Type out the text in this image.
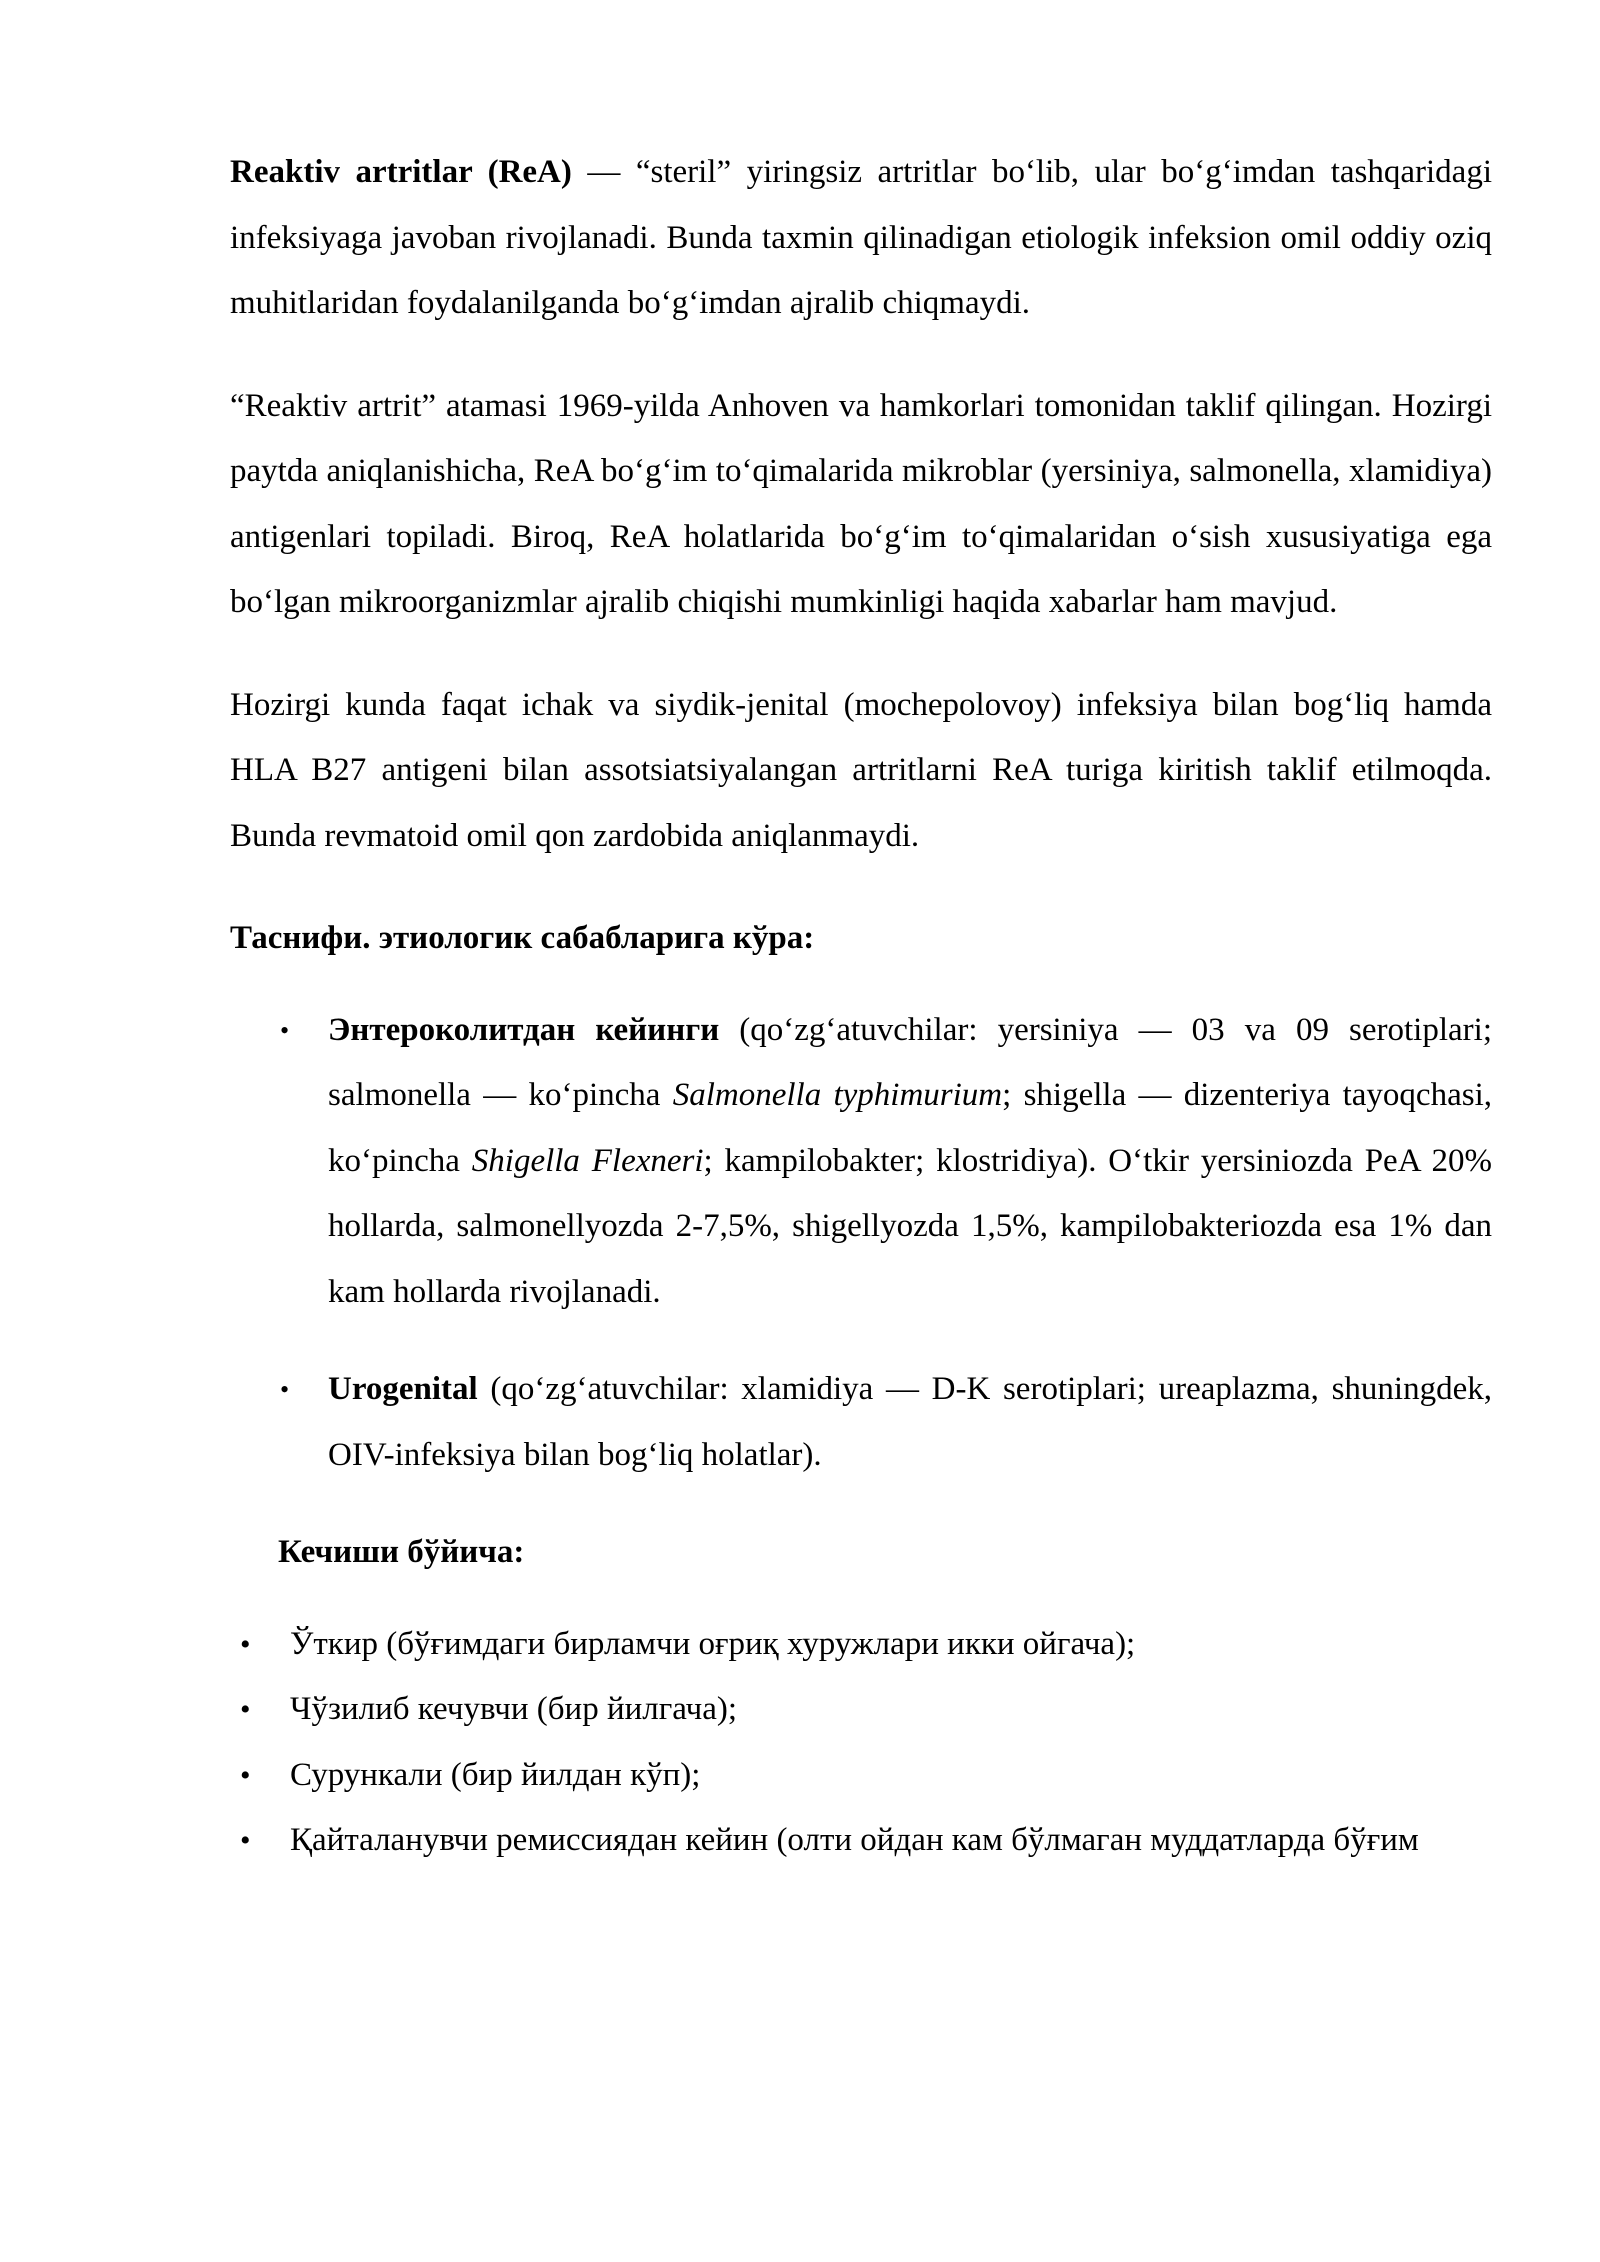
Reaktiv artritlar (ReA) — “steril” yiringsiz artritlar boʻlib, ular boʻgʻimdan tashqaridagi infeksiyaga javoban rivojlanadi. Bunda taxmin qilinadigan etiologik infeksion omil oddiy oziq muhitlaridan foydalanilganda boʻgʻimdan ajralib chiqmaydi.

“Reaktiv artrit” atamasi 1969-yilda Anhoven va hamkorlari tomonidan taklif qilingan. Hozirgi paytda aniqlanishicha, ReA boʻgʻim toʻqimalarida mikroblar (yersiniya, salmonella, xlamidiya) antigenlari topiladi. Biroq, ReA holatlarida boʻgʻim toʻqimalaridan oʻsish xususiyatiga ega boʻlgan mikroorganizmlar ajralib chiqishi mumkinligi haqida xabarlar ham mavjud.

Hozirgi kunda faqat ichak va siydik-jenital (mochepolovoy) infeksiya bilan bogʻliq hamda HLA B27 antigeni bilan assotsiatsiyalangan artritlarni ReA turiga kiritish taklif etilmoqda. Bunda revmatoid omil qon zardobida aniqlanmaydi.

Таснифи. этиологик сабабларига кўра:
• Энтероколитдан кейинги (qoʻzgʻatuvchilar: yersiniya — 03 va 09 serotiplari; salmonella — koʻpincha Salmonella typhimurium; shigella — dizenteriya tayoqchasi, koʻpincha Shigella Flexneri; kampilobakter; klostridiya). Oʻtkir yersiniozda PeA 20% hollarda, salmonellyozda 2-7,5%, shigellyozda 1,5%, kampilobakteriozda esa 1% dan kam hollarda rivojlanadi.
• Urogenital (qoʻzgʻatuvchilar: xlamidiya — D-K serotiplari; ureaplazma, shuningdek, OIV-infeksiya bilan bogʻliq holatlar).
Кечиши бўйича:
• Ўткир (бўғимдаги бирламчи оғриқ хуружлари икки ойгача);
• Чўзилиб кечувчи (бир йилгача);
• Сурункали (бир йилдан кўп);
• Қайталанувчи ремиссиядан кейин (олти ойдан кам бўлмаган муддатларда бўғим
